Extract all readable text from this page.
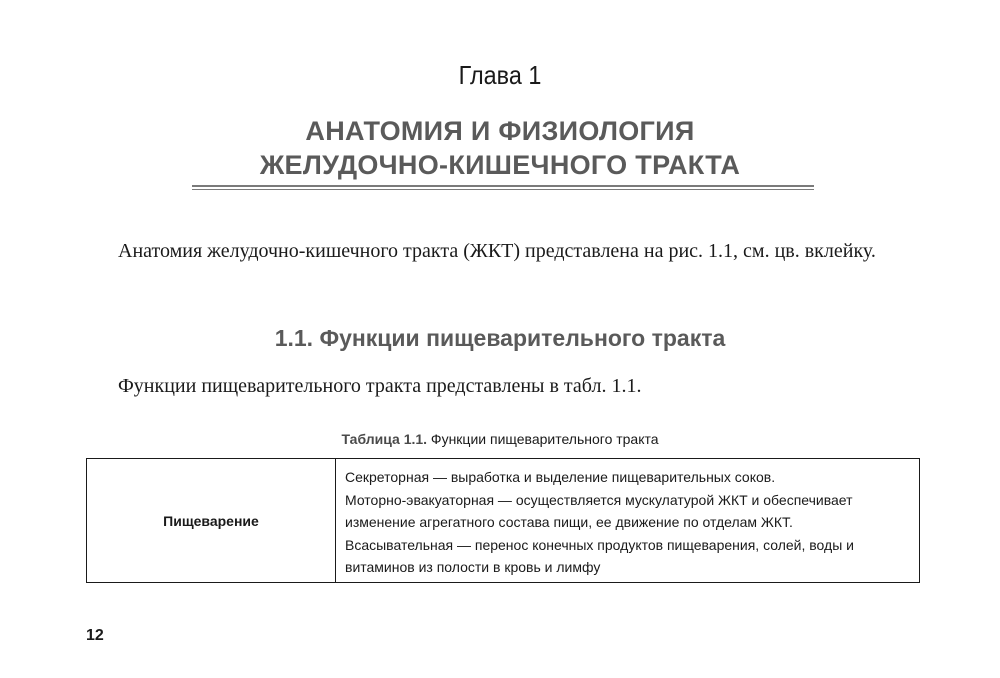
Глава 1
АНАТОМИЯ И ФИЗИОЛОГИЯ
ЖЕЛУДОЧНО-КИШЕЧНОГО ТРАКТА
Анатомия желудочно-кишечного тракта (ЖКТ) представлена на рис. 1.1, см. цв. вклейку.
1.1. Функции пищеварительного тракта
Функции пищеварительного тракта представлены в табл. 1.1.
Таблица 1.1. Функции пищеварительного тракта
Пищеварение
Секреторная — выработка и выделение пищеварительных соков.
Моторно-эвакуаторная — осуществляется мускулатурой ЖКТ и обеспечивает
изменение агрегатного состава пищи, ее движение по отделам ЖКТ.
Всасывательная — перенос конечных продуктов пищеварения, солей, воды и
витаминов из полости в кровь и лимфу
12
